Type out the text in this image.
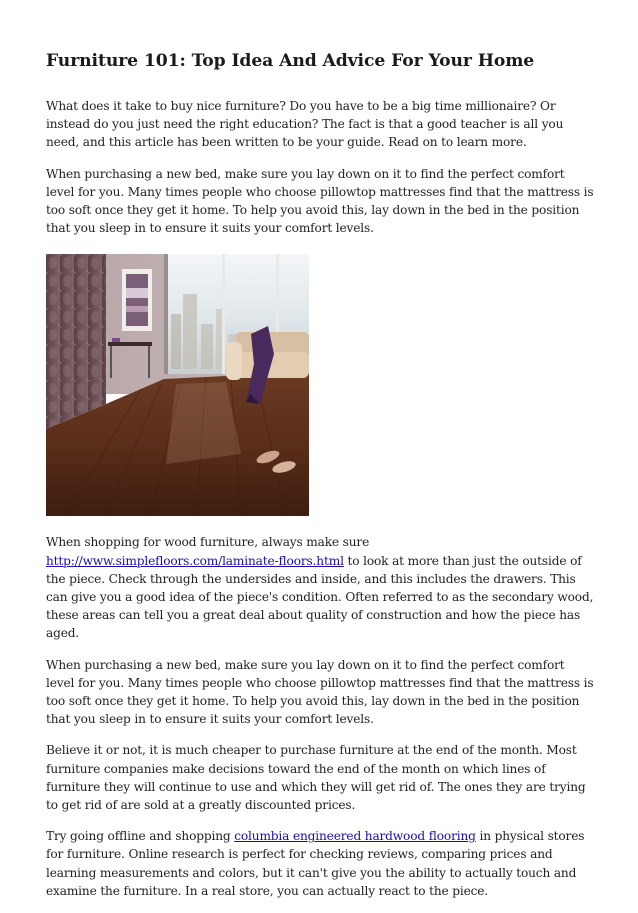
Furniture 101: Top Idea And Advice For Your Home

What does it take to buy nice furniture? Do you have to be a big time millionaire? Or instead do you just need the right education? The fact is that a good teacher is all you need, and this article has been written to be your guide. Read on to learn more.

When purchasing a new bed, make sure you lay down on it to find the perfect comfort level for you. Many times people who choose pillowtop mattresses find that the mattress is too soft once they get it home. To help you avoid this, lay down in the bed in the position that you sleep in to ensure it suits your comfort levels.

When shopping for wood furniture, always make sure http://www.simplefloors.com/laminate-floors.html to look at more than just the outside of the piece. Check through the undersides and inside, and this includes the drawers. This can give you a good idea of the piece's condition. Often referred to as the secondary wood, these areas can tell you a great deal about quality of construction and how the piece has aged.

When purchasing a new bed, make sure you lay down on it to find the perfect comfort level for you. Many times people who choose pillowtop mattresses find that the mattress is too soft once they get it home. To help you avoid this, lay down in the bed in the position that you sleep in to ensure it suits your comfort levels.

Believe it or not, it is much cheaper to purchase furniture at the end of the month. Most furniture companies make decisions toward the end of the month on which lines of furniture they will continue to use and which they will get rid of. The ones they are trying to get rid of are sold at a greatly discounted prices.

Try going offline and shopping columbia engineered hardwood flooring in physical stores for furniture. Online research is perfect for checking reviews, comparing prices and learning measurements and colors, but it can't give you the ability to actually touch and examine the furniture. In a real store, you can actually react to the piece.
